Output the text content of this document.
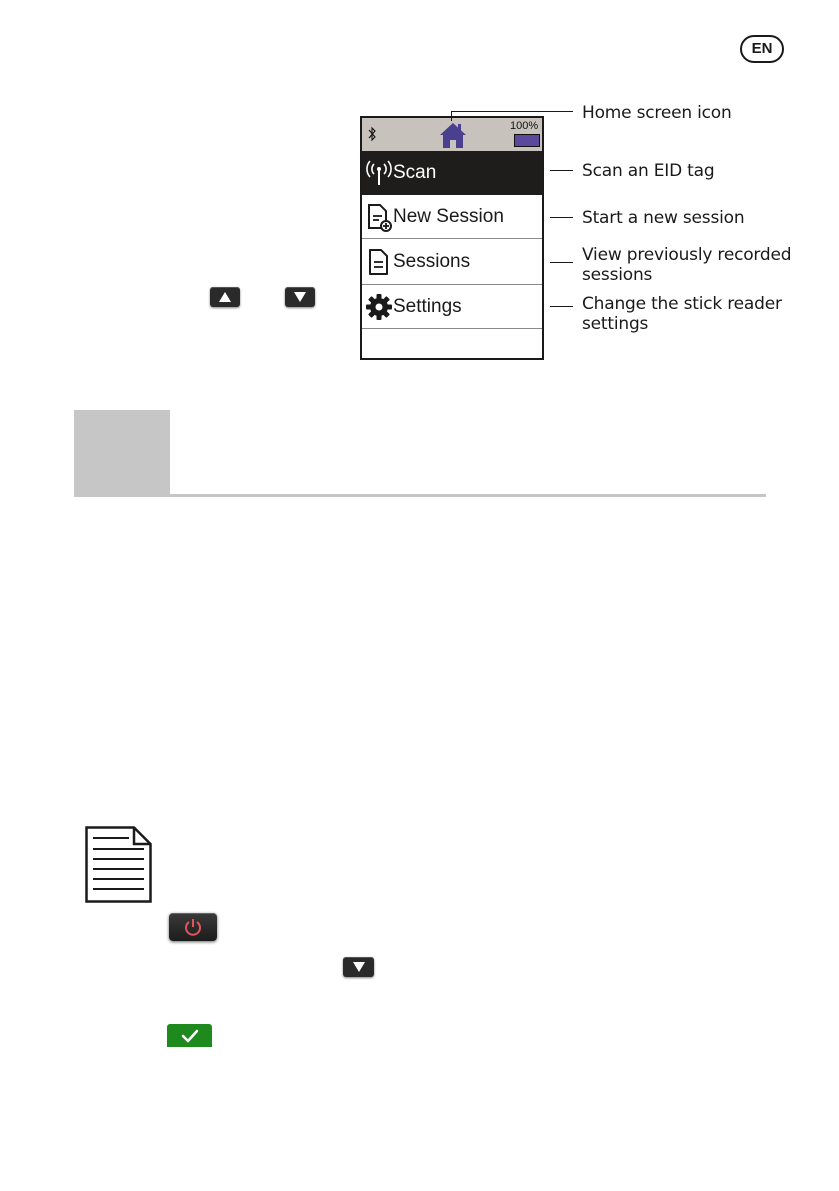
EN
100%
Scan
New Session
Sessions
Settings
Home screen icon
Scan an EID tag
Start a new session
View previously recorded
sessions
Change the stick reader
settings
